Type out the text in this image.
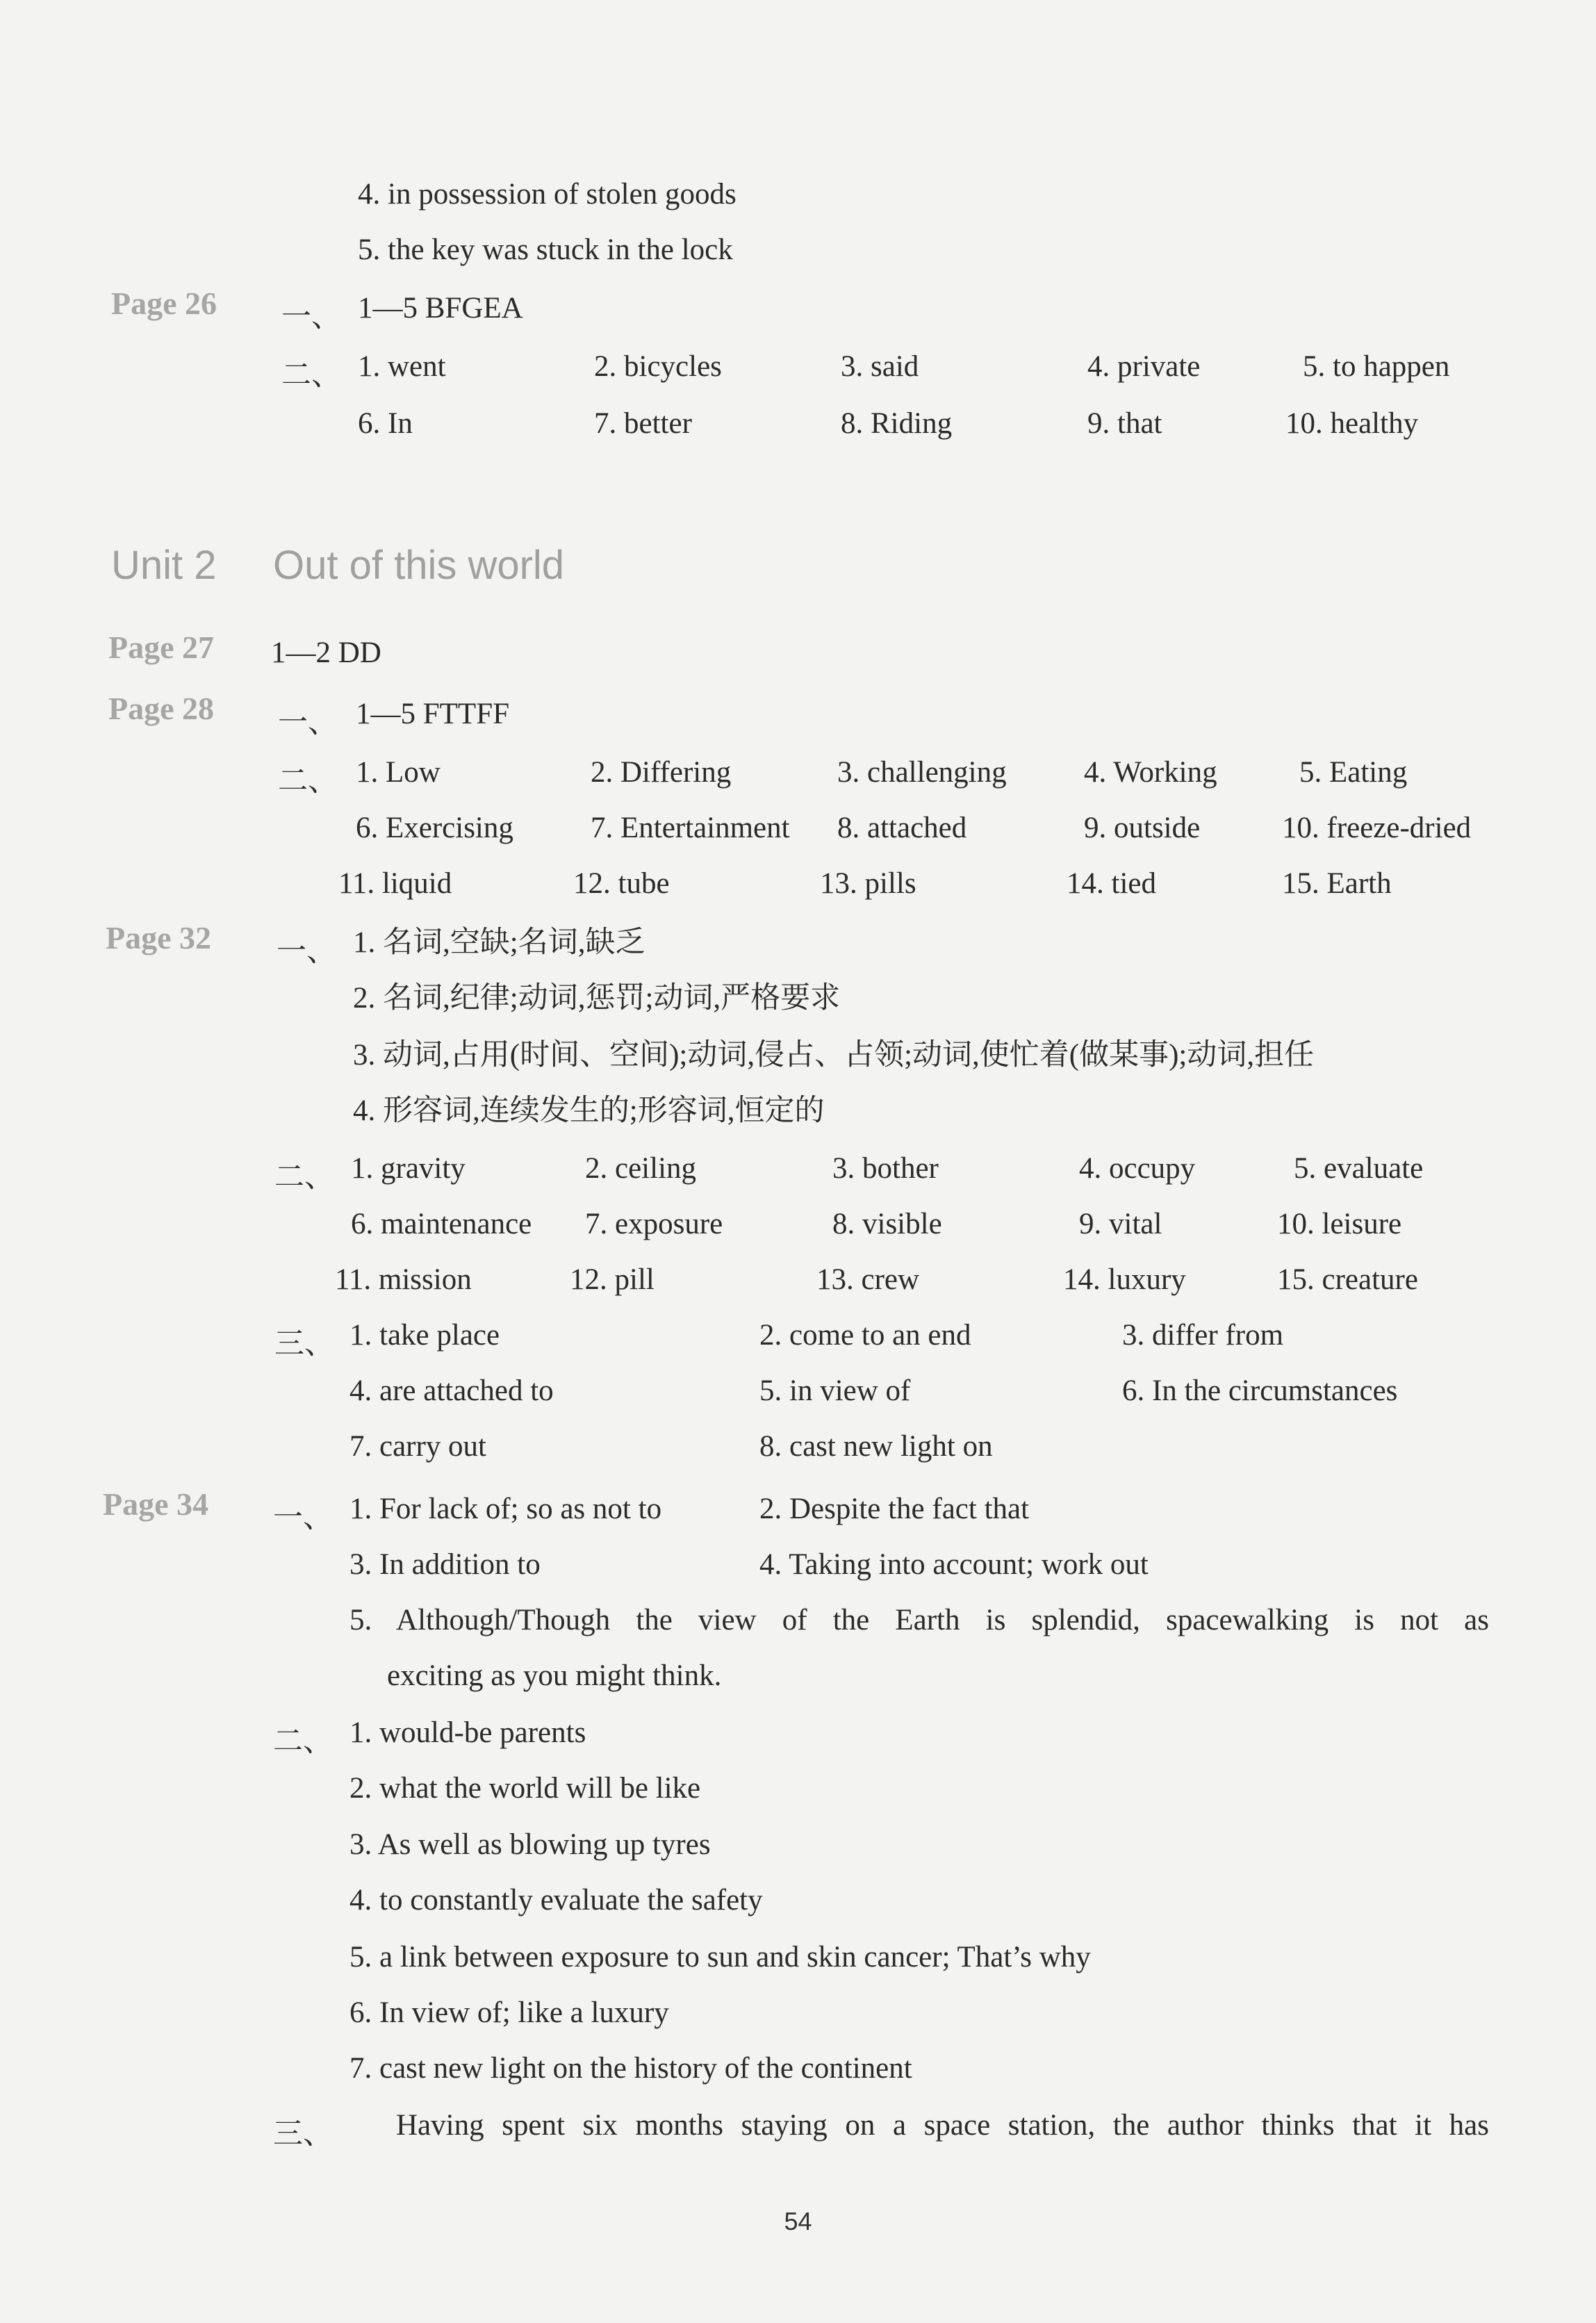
4. in possession of stolen goods
5. the key was stuck in the lock
Page 26 一、 1—5 BFGEA
二、 1. went	2. bicycles	3. said	4. private	5. to happen
6. In	7. better	8. Riding	9. that	10. healthy
Unit 2 Out of this world
Page 27 1—2 DD
Page 28 一、 1—5 FTTFF
二、 1. Low	2. Differing	3. challenging	4. Working	5. Eating
6. Exercising	7. Entertainment 8. attached	9. outside	10. freeze-dried
11. liquid	12. tube	13. pills	14. tied	15. Earth
Page 32 一、 1. 名词,空缺;名词,缺乏
2. 名词,纪律;动词,惩罚;动词,严格要求
3. 动词,占用(时间、空间);动词,侵占、占领;动词,使忙着(做某事);动词,担任
4. 形容词,连续发生的;形容词,恒定的
二、 1. gravity	2. ceiling	3. bother	4. occupy	5. evaluate
6. maintenance 7. exposure	8. visible	9. vital	10. leisure
11. mission	12. pill	13. crew	14. luxury	15. creature
三、 1. take place	2. come to an end	3. differ from
4. are attached to	5. in view of	6. In the circumstances
7. carry out	8. cast new light on
Page 34 一、 1. For lack of; so as not to	2. Despite the fact that
3. In addition to	4. Taking into account; work out
5. Although/Though the view of the Earth is splendid, spacewalking is not as
exciting as you might think.
二、 1. would-be parents
2. what the world will be like
3. As well as blowing up tyres
4. to constantly evaluate the safety
5. a link between exposure to sun and skin cancer; That’s why
6. In view of; like a luxury
7. cast new light on the history of the continent
三、 Having spent six months staying on a space station, the author thinks that it has
54
